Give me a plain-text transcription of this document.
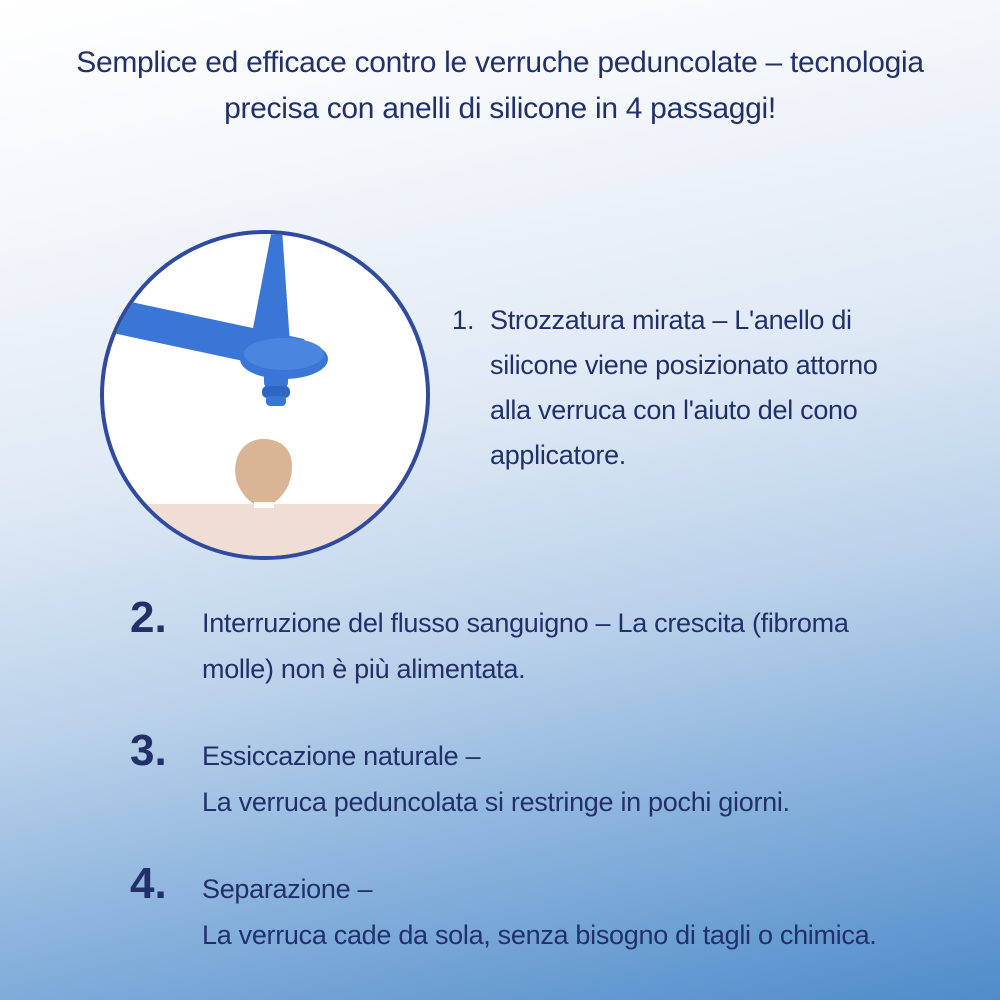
Semplice ed efficace contro le verruche peduncolate – tecnologia
precisa con anelli di silicone in 4 passaggi!
1. Strozzatura mirata – L'anello di silicone viene posizionato attorno alla verruca con l'aiuto del cono applicatore.
2. Interruzione del flusso sanguigno – La crescita (fibroma
molle) non è più alimentata.
3. Essiccazione naturale –
La verruca peduncolata si restringe in pochi giorni.
4. Separazione –
La verruca cade da sola, senza bisogno di tagli o chimica.
